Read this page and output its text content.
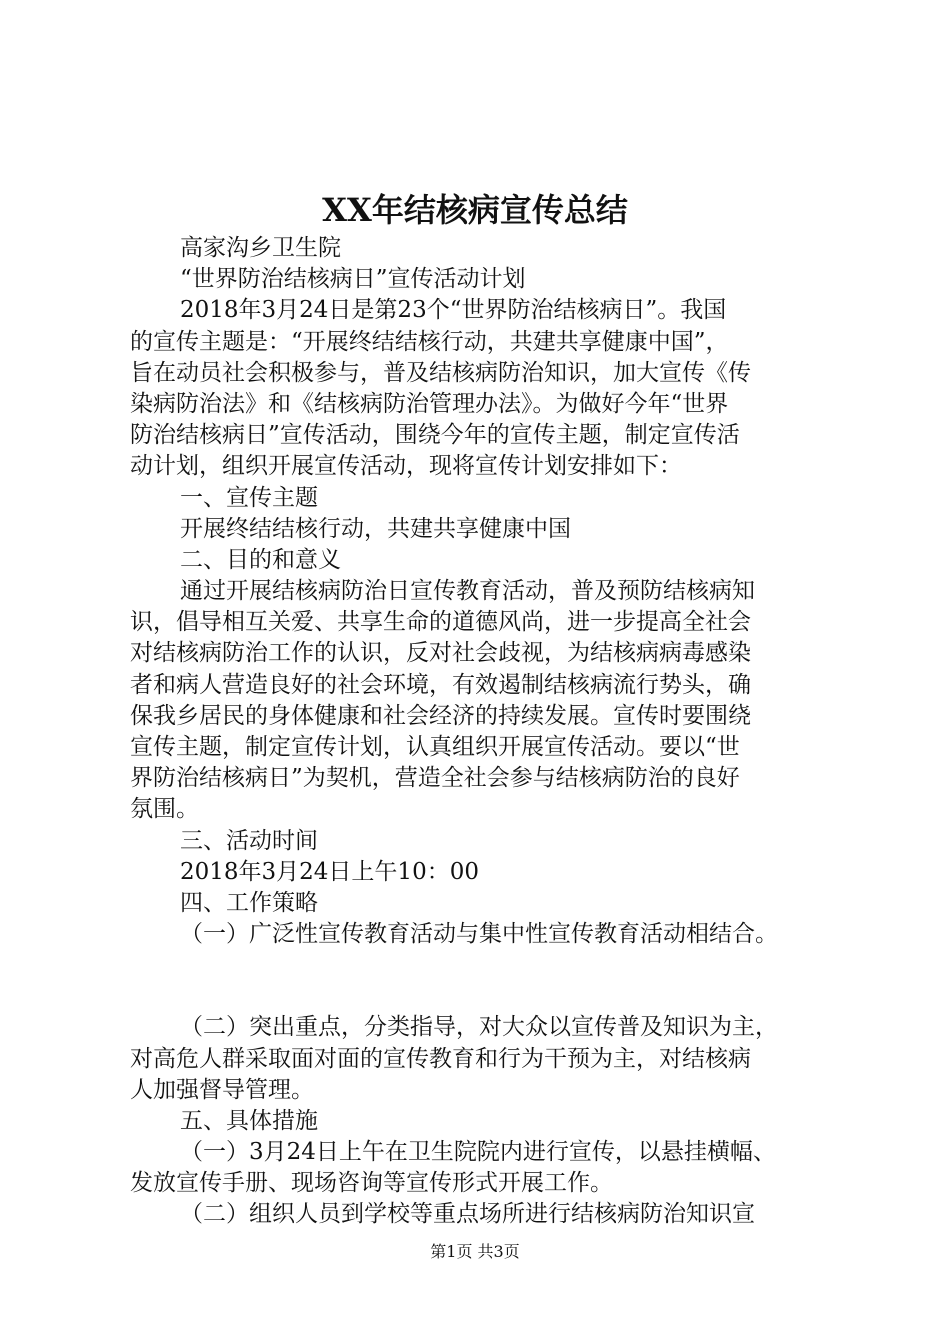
XX年结核病宣传总结
高家沟乡卫生院
“世界防治结核病日”宣传活动计划
2018年3月24日是第23个“世界防治结核病日”。我国
的宣传主题是：“开展终结结核行动，共建共享健康中国”，
旨在动员社会积极参与，普及结核病防治知识，加大宣传《传
染病防治法》和《结核病防治管理办法》。为做好今年“世界
防治结核病日”宣传活动，围绕今年的宣传主题，制定宣传活
动计划，组织开展宣传活动，现将宣传计划安排如下：
一、宣传主题
开展终结结核行动，共建共享健康中国
二、目的和意义
通过开展结核病防治日宣传教育活动，普及预防结核病知
识，倡导相互关爱、共享生命的道德风尚，进一步提高全社会
对结核病防治工作的认识，反对社会歧视，为结核病病毒感染
者和病人营造良好的社会环境，有效遏制结核病流行势头，确
保我乡居民的身体健康和社会经济的持续发展。宣传时要围绕
宣传主题，制定宣传计划，认真组织开展宣传活动。要以“世
界防治结核病日”为契机，营造全社会参与结核病防治的良好
氛围。
三、活动时间
2018年3月24日上午10：00
四、工作策略
（一）广泛性宣传教育活动与集中性宣传教育活动相结合。
（二）突出重点，分类指导，对大众以宣传普及知识为主，
对高危人群采取面对面的宣传教育和行为干预为主，对结核病
人加强督导管理。
五、具体措施
（一）3月24日上午在卫生院院内进行宣传，以悬挂横幅、
发放宣传手册、现场咨询等宣传形式开展工作。
（二）组织人员到学校等重点场所进行结核病防治知识宣
第1页 共3页
